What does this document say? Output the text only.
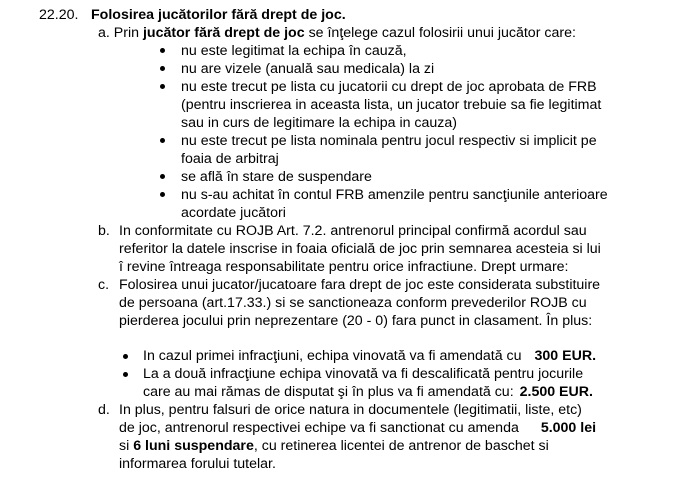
22.20. Folosirea jucătorilor fără drept de joc.
a. Prin jucător fără drept de joc se înţelege cazul folosirii unui jucător care:
nu este legitimat la echipa în cauză,
nu are vizele (anuală sau medicala) la zi
nu este trecut pe lista cu jucatorii cu drept de joc aprobata de FRB
(pentru inscrierea in aceasta lista, un jucator trebuie sa fie legitimat
sau in curs de legitimare la echipa in cauza)
nu este trecut pe lista nominala pentru jocul respectiv si implicit pe
foaia de arbitraj
se află în stare de suspendare
nu s-au achitat în contul FRB amenzile pentru sancţiunile anterioare
acordate jucători
b. In conformitate cu ROJB Art. 7.2. antrenorul principal confirmă acordul sau
referitor la datele inscrise in foaia oficială de joc prin semnarea acesteia si lui
î revine întreaga responsabilitate pentru orice infractiune. Drept urmare:
c. Folosirea unui jucator/jucatoare fara drept de joc este considerata substituire
de persoana (art.17.33.) si se sanctioneaza conform prevederilor ROJB cu
pierderea jocului prin neprezentare (20 - 0) fara punct in clasament. În plus:
In cazul primei infracţiuni, echipa vinovată va fi amendată cu 300 EUR.
La a două infracţiune echipa vinovată va fi descalificată pentru jocurile
care au mai rămas de disputat şi în plus va fi amendată cu: 2.500 EUR.
d. In plus, pentru falsuri de orice natura in documentele (legitimatii, liste, etc)
de joc, antrenorul respectivei echipe va fi sanctionat cu amenda 5.000 lei
si 6 luni suspendare, cu retinerea licentei de antrenor de baschet si
informarea forului tutelar.
